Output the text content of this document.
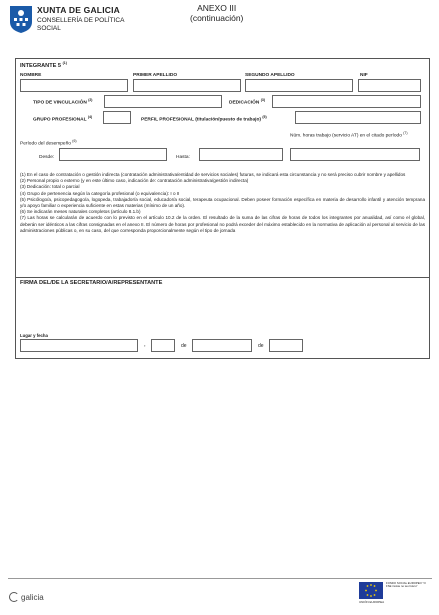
XUNTA DE GALICIA
CONSELLERÍA DE POLÍTICA
SOCIAL
ANEXO III
(continuación)
INTEGRANTE 5 $^{(1)}$
NOMBRE	PRIMER APELLIDO	SEGUNDO APELLIDO	NIF
TIPO DE VINCULACIÓN $^{(2)}$
DEDICACIÓN $^{(3)}$
GRUPO PROFESIONAL $^{(4)}$
PERFIL PROFESIONAL (titulación/puesto de trabajo) $^{(5)}$
Período del desempeño $^{(6)}$
Núm. horas trabajo (servicio AT) en el citado período $^{(7)}$
Desde:	Hasta:
(1) En el caso de contratación o gestión indirecta (contratación administrativa/entidad de servicios sociales) futuras, se indicará esta circunstancia y no será preciso cubrir nombre y apellidos
(2) Personal propio o externo (y en este último caso, indicación de: contratación administrativa/gestión indirecta)
(3) Dedicación: total o parcial
(4) Grupo de pertenencia según la categoría profesional (o equivalencia): I o II
(5) Psicólogo/a, psicopedagogo/a, logopeda, trabajador/a social, educador/a social, terapeuta ocupacional. Deben poseer formación específica en materia de desarrollo infantil y atención temprana y/o apoyo familiar o experiencia suficiente en estas materias (mínimo de un año).
(6) Se indicarán meses naturales completos (artículo 8.1.b)
(7) Las horas se calcularán de acuerdo con lo previsto en el artículo 10.2 de la orden. El resultado de la suma de las cifras de horas de todos los integrantes por anualidad, así como el global, deberán ser idénticos a las cifras consignadas en el anexo II. El número de horas por profesional no podrá exceder del máximo establecido en la normativa de aplicación al personal al servicio de las administraciones públicas o, en su caso, del que corresponda proporcionalmente según el tipo de jornada
FIRMA DEL/DE LA SECRETARIO/A/REPRESENTANTE
Lugar y fecha
,	de	de
galicia
FONDO SOCIAL EUROPEO "O FSE inviste no teu futuro"
UNIÓN EUROPEA
